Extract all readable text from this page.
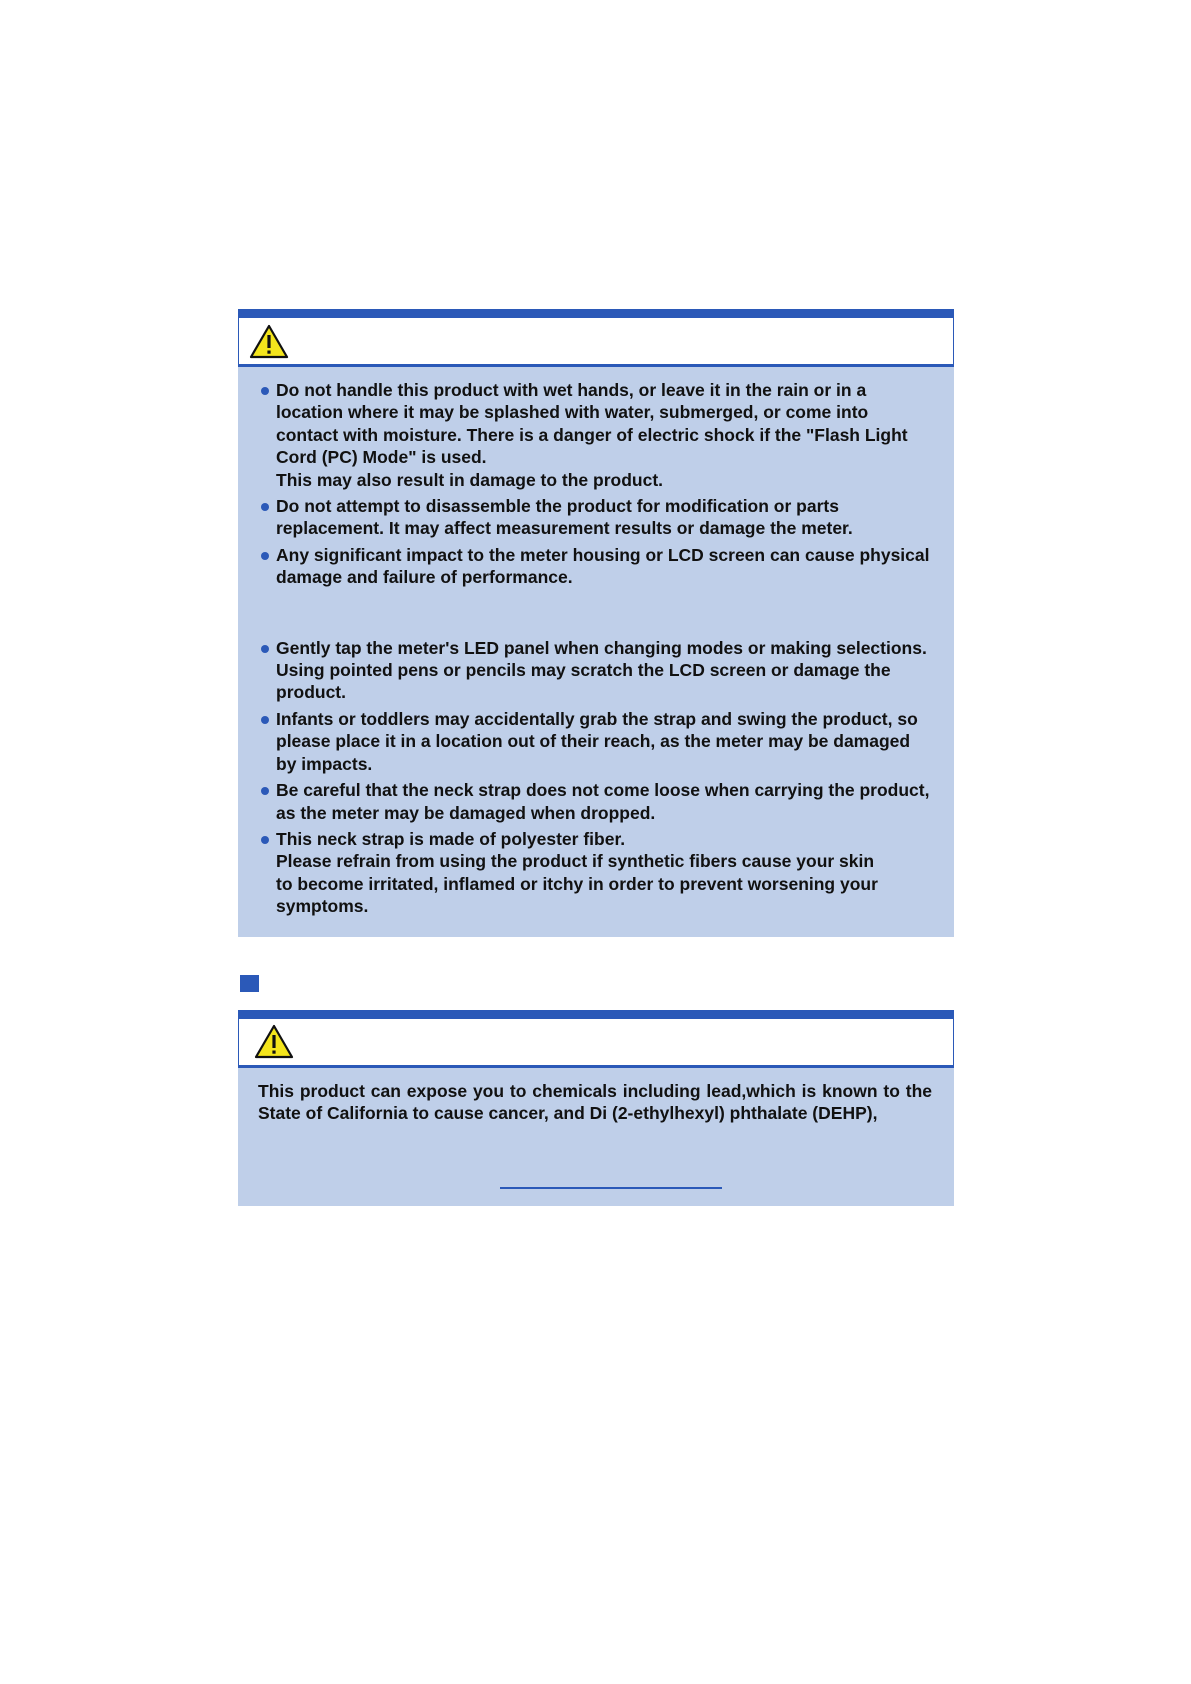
Do not handle this product with wet hands, or leave it in the rain or in a
location where it may be splashed with water, submerged, or come into
contact with moisture. There is a danger of electric shock if the "Flash Light
Cord (PC) Mode" is used.
This may also result in damage to the product.
Do not attempt to disassemble the product for modification or parts
replacement. It may affect measurement results or damage the meter.
Any significant impact to the meter housing or LCD screen can cause physical
damage and failure of performance.
Gently tap the meter's LED panel when changing modes or making selections.
Using pointed pens or pencils may scratch the LCD screen or damage the
product.
Infants or toddlers may accidentally grab the strap and swing the product, so
please place it in a location out of their reach, as the meter may be damaged
by impacts.
Be careful that the neck strap does not come loose when carrying the product,
as the meter may be damaged when dropped.
This neck strap is made of polyester fiber.
Please refrain from using the product if synthetic fibers cause your skin
to become irritated, inflamed or itchy in order to prevent worsening your
symptoms.

This product can expose you to chemicals including lead,which is known to the State of California to cause cancer, and Di (2-ethylhexyl) phthalate (DEHP),
